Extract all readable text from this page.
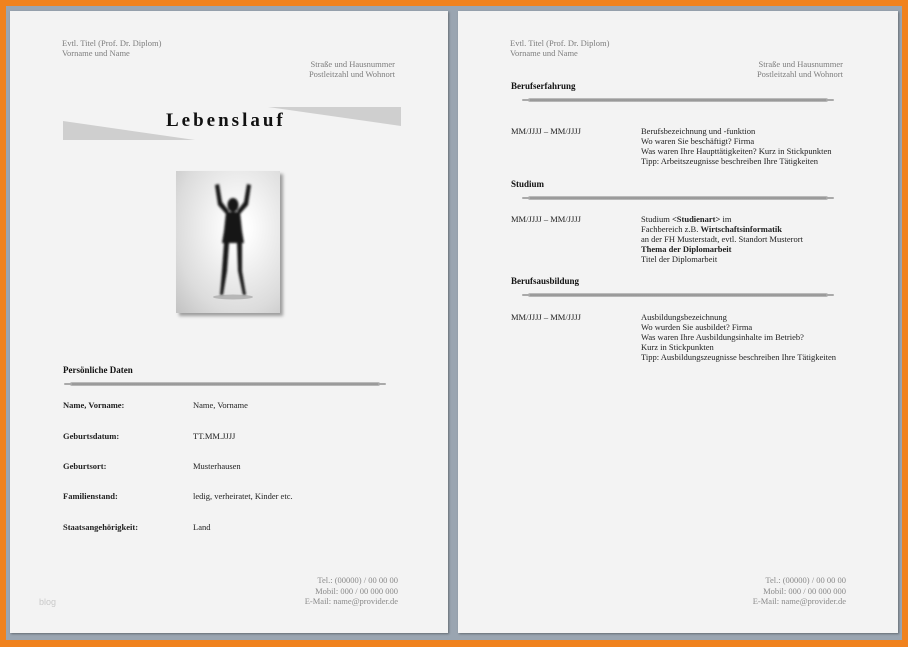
Evtl. Titel (Prof. Dr. Diplom)
Vorname und Name
Straße und Hausnummer
Postleitzahl und Wohnort
Lebenslauf
Persönliche Daten
Name, Vorname:	Name, Vorname
Geburtsdatum:	TT.MM.JJJJ
Geburtsort:	Musterhausen
Familienstand:	ledig, verheiratet, Kinder etc.
Staatsangehörigkeit:	Land
blog
Tel.: (00000) / 00 00 00
Mobil: 000 / 00 000 000
E-Mail: name@provider.de
Evtl. Titel (Prof. Dr. Diplom)
Vorname und Name
Straße und Hausnummer
Postleitzahl und Wohnort
Berufserfahrung
MM/JJJJ – MM/JJJJ	Berufsbezeichnung und -funktion
Wo waren Sie beschäftigt? Firma
Was waren Ihre Haupttätigkeiten? Kurz in Stickpunkten
Tipp: Arbeitszeugnisse beschreiben Ihre Tätigkeiten
Studium
MM/JJJJ – MM/JJJJ	Studium <Studienart> im
Fachbereich z.B. Wirtschaftsinformatik
an der FH Musterstadt, evtl. Standort Musterort
Thema der Diplomarbeit
Titel der Diplomarbeit
Berufsausbildung
MM/JJJJ – MM/JJJJ	Ausbildungsbezeichnung
Wo wurden Sie ausbildet? Firma
Was waren Ihre Ausbildungsinhalte im Betrieb?
Kurz in Stickpunkten
Tipp: Ausbildungszeugnisse beschreiben Ihre Tätigkeiten
Tel.: (00000) / 00 00 00
Mobil: 000 / 00 000 000
E-Mail: name@provider.de
